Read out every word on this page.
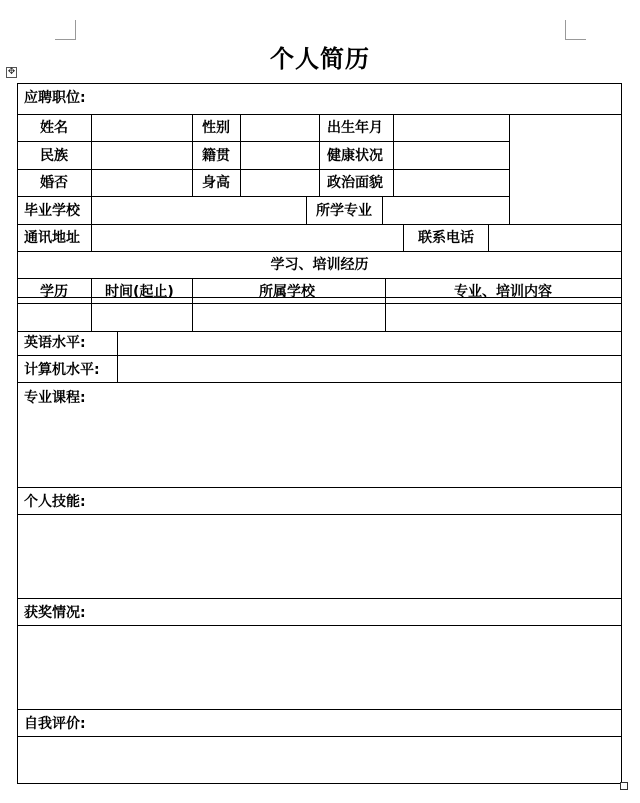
✥	个人简历
应聘职位:
姓名	性别	出生年月
民族	籍贯	健康状况
婚否	身高	政治面貌
毕业学校	所学专业
通讯地址	联系电话
学习、培训经历
学历	时间(起止)	所属学校	专业、培训内容
英语水平:
计算机水平:
专业课程:
个人技能:
获奖情况:
自我评价:
